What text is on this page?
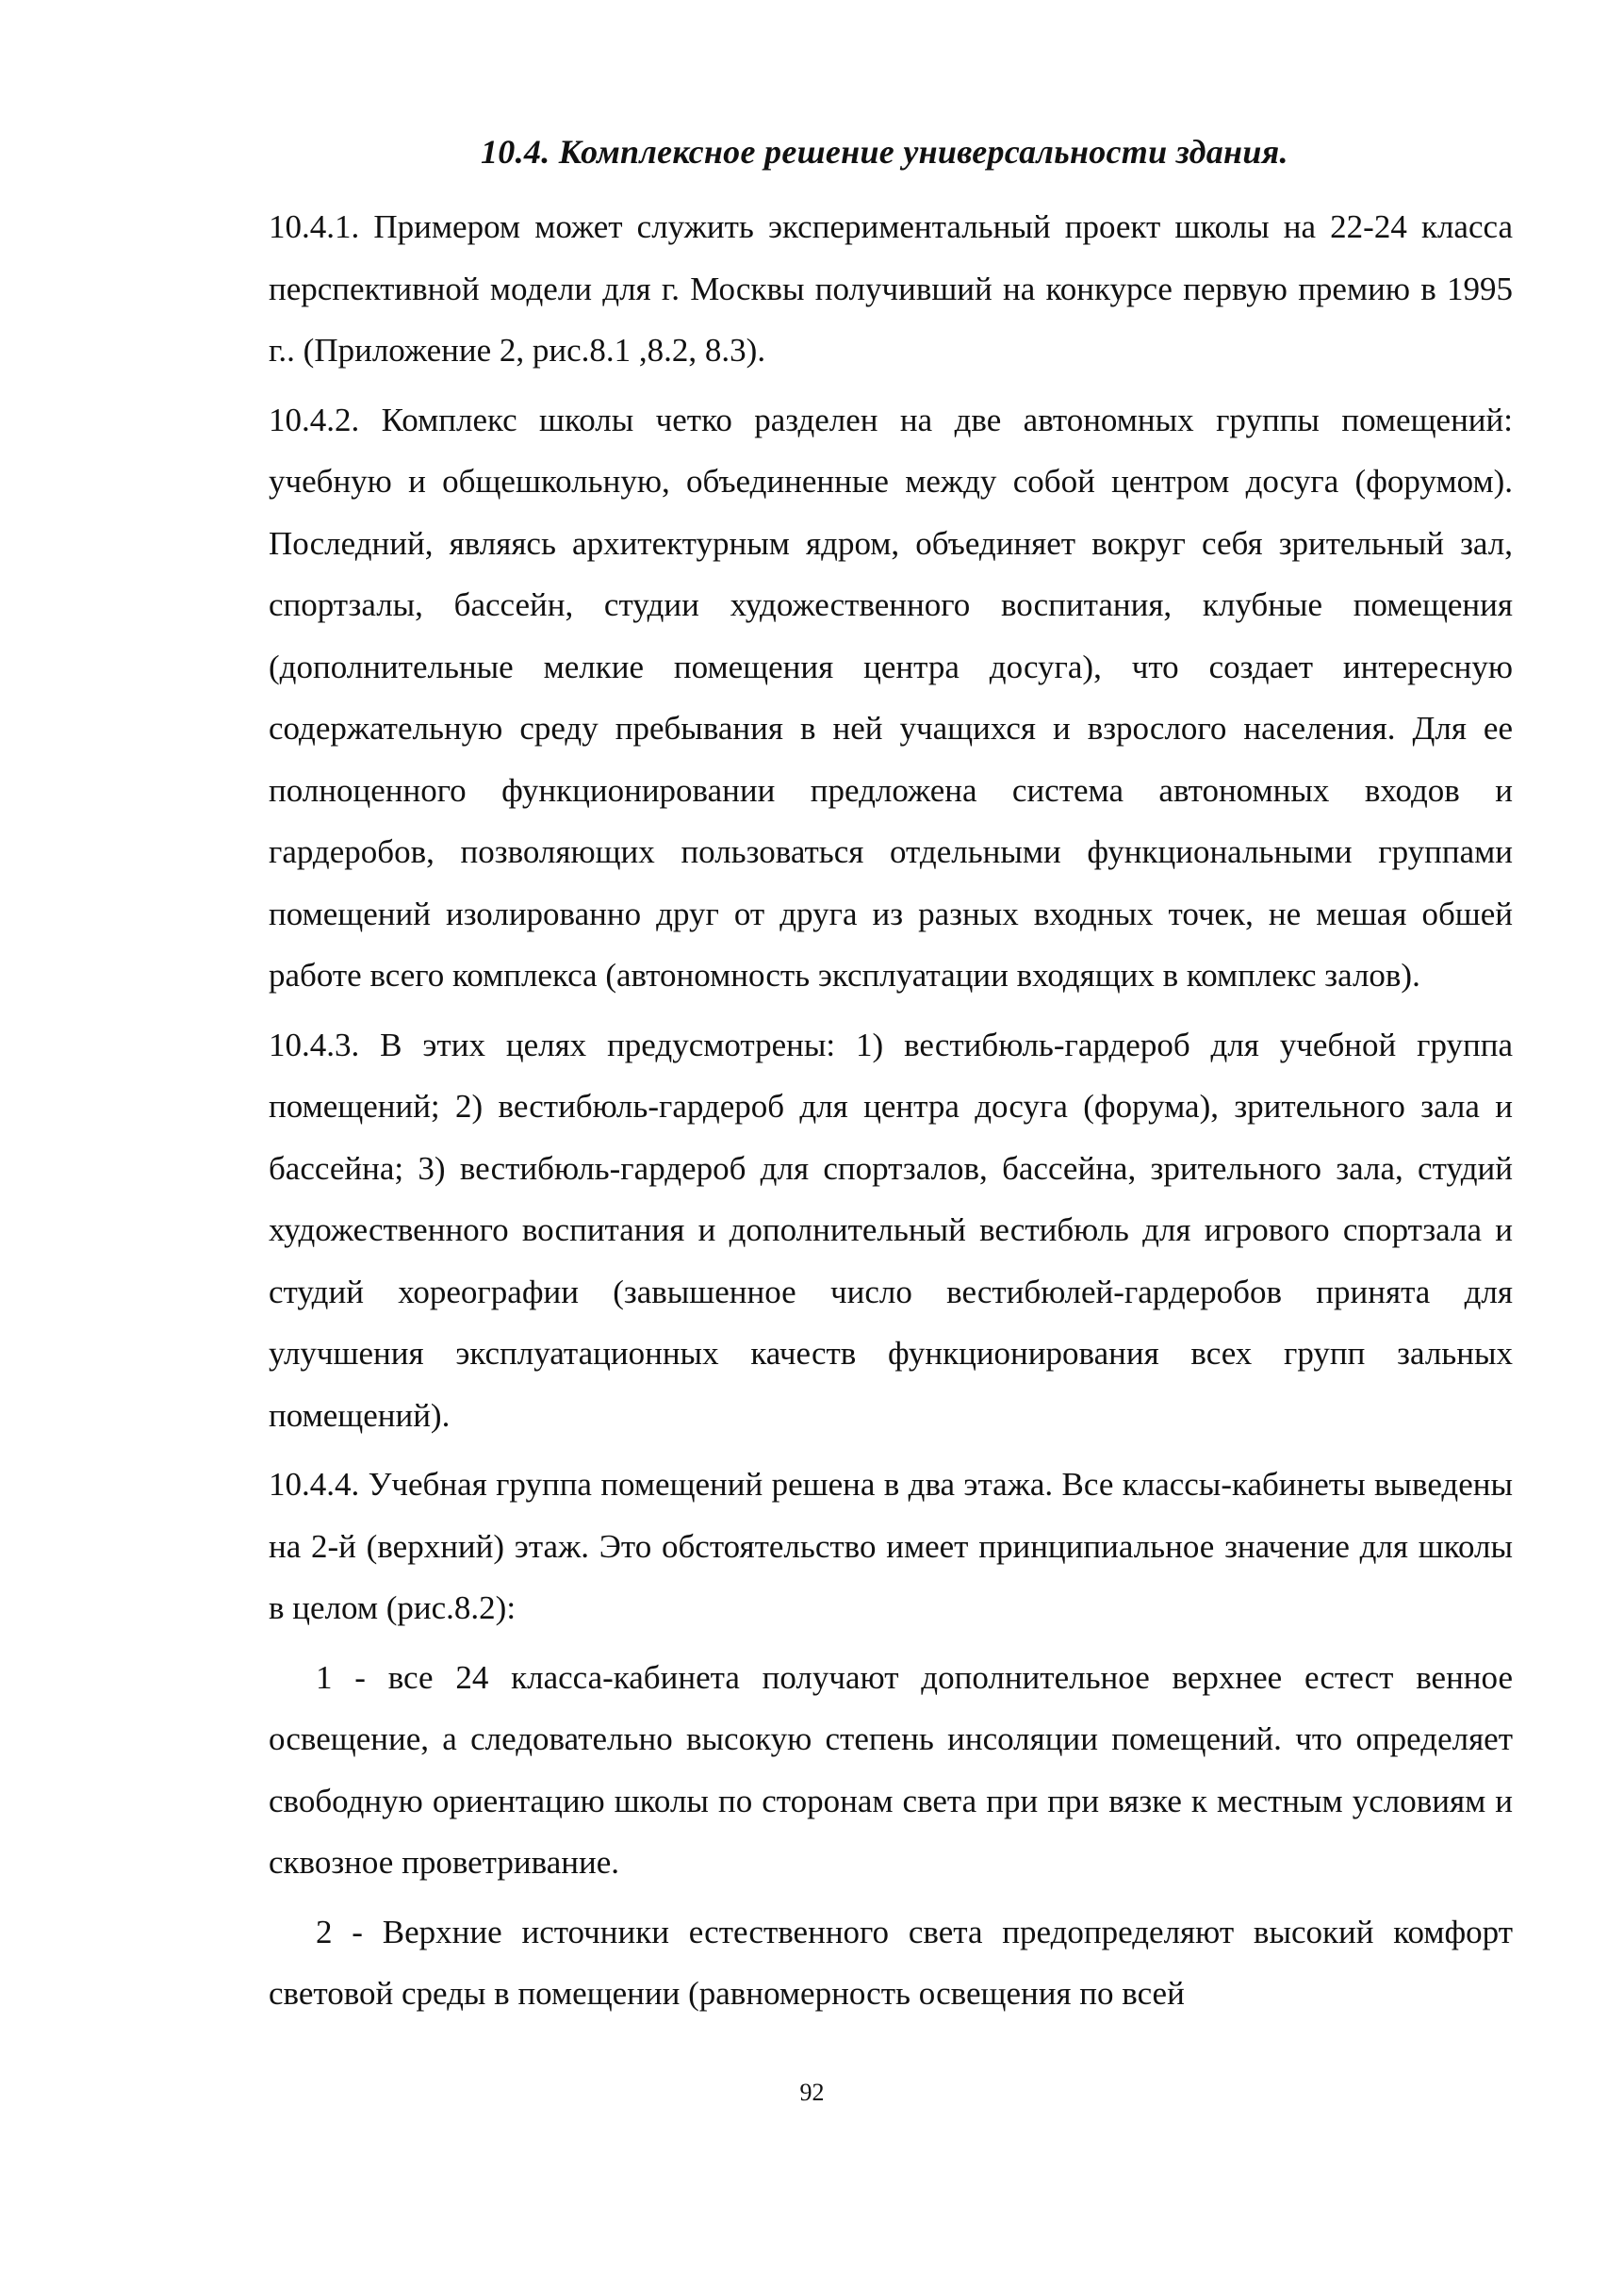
10.4. Комплексное решение универсальности здания.

10.4.1. Примером может служить экспериментальный проект школы на 22-24 класса перспективной модели для г. Москвы получивший на конкурсе первую премию в 1995 г.. (Приложение 2, рис.8.1 ,8.2, 8.3).

10.4.2. Комплекс школы четко разделен на две автономных группы помещений: учебную и общешкольную, объединенные между собой центром досуга (форумом). Последний, являясь архитектурным ядром, объединяет вокруг себя зрительный зал, спортзалы, бассейн, студии художественного воспитания, клубные помещения (дополнительные мелкие помещения центра досуга), что создает интересную содержательную среду пребывания в ней учащихся и взрослого населения. Для ее полноценного функционировании предложена система автономных входов и гардеробов, позволяющих пользоваться отдельными функциональными группами помещений изолированно друг от друга из разных входных точек, не мешая обшей работе всего комплекса (автономность эксплуатации входящих в комплекс залов).

10.4.3. В этих целях предусмотрены: 1) вестибюль-гардероб для учебной группа помещений; 2) вестибюль-гардероб для центра досуга (форума), зрительного зала и бассейна; 3) вестибюль-гардероб для спортзалов, бассейна, зрительного зала, студий художественного воспитания и дополнительный вестибюль для игрового спортзала и студий хореографии (завышенное число вестибюлей-гардеробов принята для улучшения эксплуатационных качеств функционирования всех групп зальных помещений).

10.4.4. Учебная группа помещений решена в два этажа. Все классы-кабинеты выведены на 2-й (верхний) этаж. Это обстоятельство имеет принципиальное значение для школы в целом (рис.8.2):

1 - все 24 класса-кабинета получают дополнительное верхнее естест венное освещение, а следовательно высокую степень инсоляции помещений. что определяет свободную ориентацию школы по сторонам света при при вязке к местным условиям и сквозное проветривание.

2 - Верхние источники естественного света предопределяют высокий комфорт световой среды в помещении (равномерность освещения по всей

92
